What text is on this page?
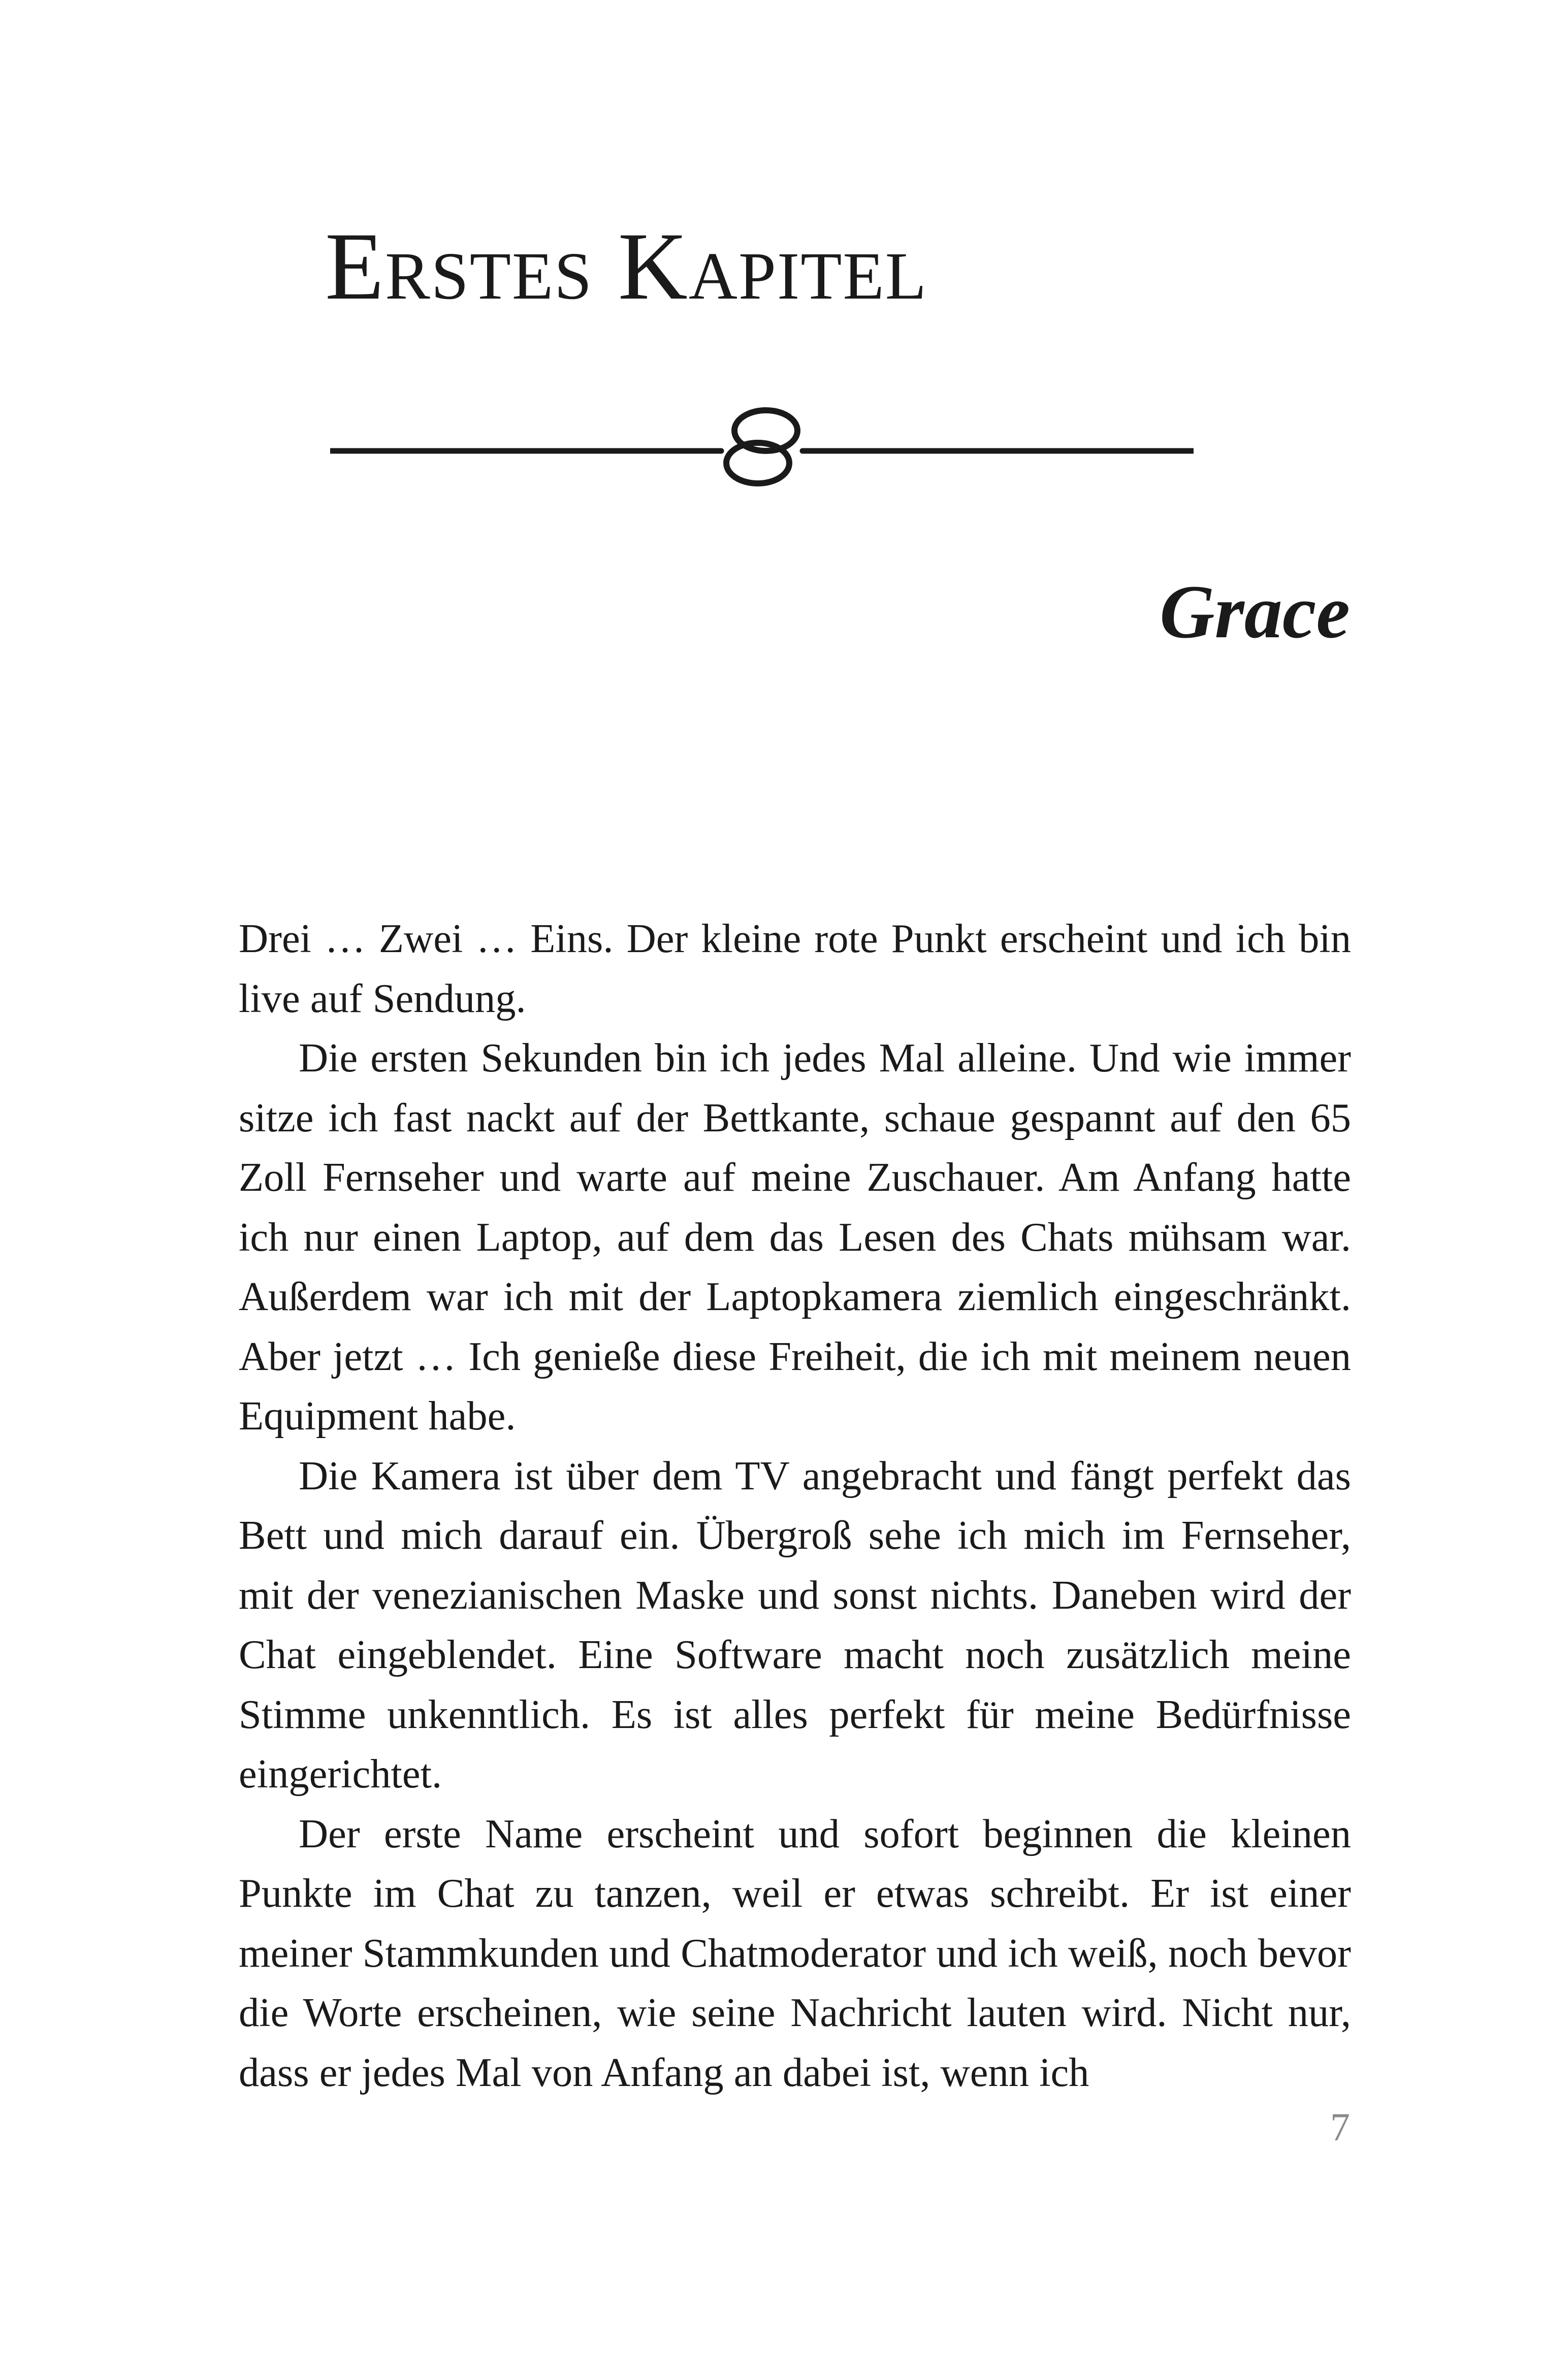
Erstes Kapitel
Grace

Drei … Zwei … Eins. Der kleine rote Punkt erscheint und ich bin live auf Sendung.

Die ersten Sekunden bin ich jedes Mal alleine. Und wie immer sitze ich fast nackt auf der Bettkante, schaue gespannt auf den 65 Zoll Fernseher und warte auf meine Zuschauer. Am Anfang hatte ich nur einen Laptop, auf dem das Lesen des Chats mühsam war. Außerdem war ich mit der Laptopkamera ziemlich eingeschränkt. Aber jetzt … Ich genieße diese Freiheit, die ich mit meinem neuen Equipment habe.

Die Kamera ist über dem TV angebracht und fängt perfekt das Bett und mich darauf ein. Übergroß sehe ich mich im Fernseher, mit der venezianischen Maske und sonst nichts. Daneben wird der Chat eingeblendet. Eine Software macht noch zusätzlich meine Stimme unkenntlich. Es ist alles perfekt für meine Bedürfnisse eingerichtet.

Der erste Name erscheint und sofort beginnen die kleinen Punkte im Chat zu tanzen, weil er etwas schreibt. Er ist einer meiner Stammkunden und Chatmoderator und ich weiß, noch bevor die Worte erscheinen, wie seine Nachricht lauten wird. Nicht nur, dass er jedes Mal von Anfang an dabei ist, wenn ich

7
